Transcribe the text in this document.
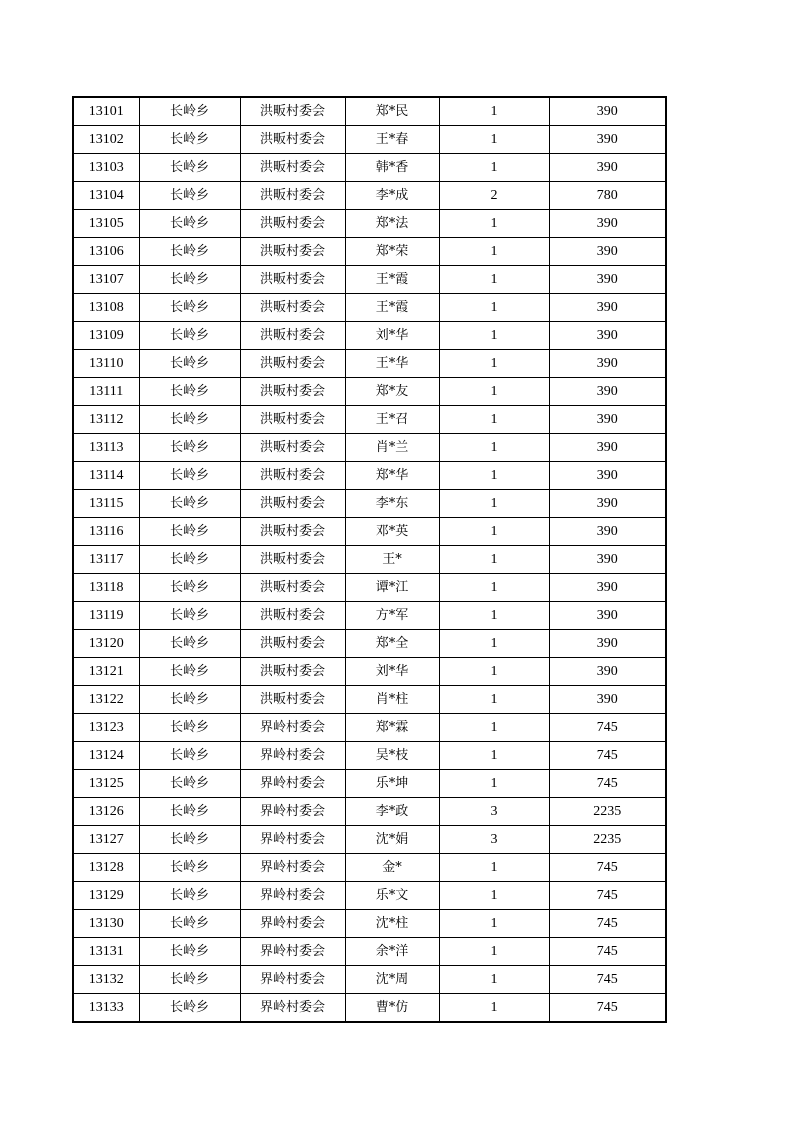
13101	长岭乡	洪畈村委会	郑*民	1	390
13102	长岭乡	洪畈村委会	王*春	1	390
13103	长岭乡	洪畈村委会	韩*香	1	390
13104	长岭乡	洪畈村委会	李*成	2	780
13105	长岭乡	洪畈村委会	郑*法	1	390
13106	长岭乡	洪畈村委会	郑*荣	1	390
13107	长岭乡	洪畈村委会	王*霞	1	390
13108	长岭乡	洪畈村委会	王*霞	1	390
13109	长岭乡	洪畈村委会	刘*华	1	390
13110	长岭乡	洪畈村委会	王*华	1	390
13111	长岭乡	洪畈村委会	郑*友	1	390
13112	长岭乡	洪畈村委会	王*召	1	390
13113	长岭乡	洪畈村委会	肖*兰	1	390
13114	长岭乡	洪畈村委会	郑*华	1	390
13115	长岭乡	洪畈村委会	李*东	1	390
13116	长岭乡	洪畈村委会	邓*英	1	390
13117	长岭乡	洪畈村委会	王*	1	390
13118	长岭乡	洪畈村委会	谭*江	1	390
13119	长岭乡	洪畈村委会	方*军	1	390
13120	长岭乡	洪畈村委会	郑*全	1	390
13121	长岭乡	洪畈村委会	刘*华	1	390
13122	长岭乡	洪畈村委会	肖*柱	1	390
13123	长岭乡	界岭村委会	郑*霖	1	745
13124	长岭乡	界岭村委会	吴*枝	1	745
13125	长岭乡	界岭村委会	乐*坤	1	745
13126	长岭乡	界岭村委会	李*政	3	2235
13127	长岭乡	界岭村委会	沈*娟	3	2235
13128	长岭乡	界岭村委会	金*	1	745
13129	长岭乡	界岭村委会	乐*文	1	745
13130	长岭乡	界岭村委会	沈*柱	1	745
13131	长岭乡	界岭村委会	余*洋	1	745
13132	长岭乡	界岭村委会	沈*周	1	745
13133	长岭乡	界岭村委会	曹*仿	1	745
